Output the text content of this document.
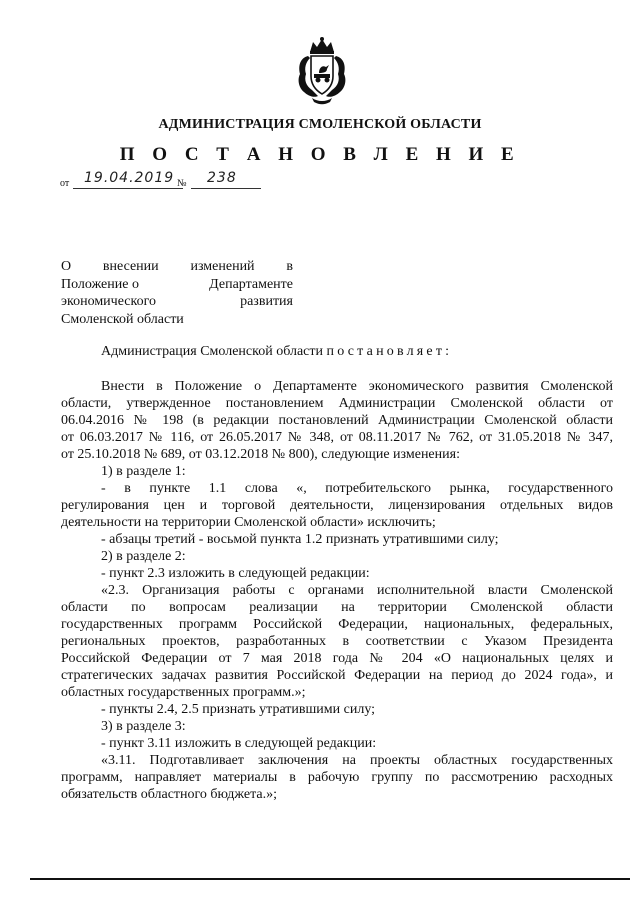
АДМИНИСТРАЦИЯ СМОЛЕНСКОЙ ОБЛАСТИ
П О С Т А Н О В Л Е Н И Е
от 19.04.2019 № 238
О внесении изменений в
Положение о	Департаменте
экономического	развития
Смоленской области
Администрация Смоленской области постановляет:
Внести в Положение о Департаменте экономического развития Смоленской
области, утвержденное постановлением Администрации Смоленской области от
06.04.2016 № 198 (в редакции постановлений Администрации Смоленской области
от 06.03.2017 № 116, от 26.05.2017 № 348, от 08.11.2017 № 762, от 31.05.2018 № 347,
от 25.10.2018 № 689, от 03.12.2018 № 800), следующие изменения:
1) в разделе 1:
- в пункте 1.1 слова «, потребительского рынка, государственного
регулирования цен и торговой деятельности, лицензирования отдельных видов
деятельности на территории Смоленской области» исключить;
- абзацы третий - восьмой пункта 1.2 признать утратившими силу;
2) в разделе 2:
- пункт 2.3 изложить в следующей редакции:
«2.3. Организация работы с органами исполнительной власти Смоленской
области по вопросам реализации на территории Смоленской области
государственных программ Российской Федерации, национальных, федеральных,
региональных проектов, разработанных в соответствии с Указом Президента
Российской Федерации от 7 мая 2018 года № 204 «О национальных целях и
стратегических задачах развития Российской Федерации на период до 2024 года», и
областных государственных программ.»;
- пункты 2.4, 2.5 признать утратившими силу;
3) в разделе 3:
- пункт 3.11 изложить в следующей редакции:
«3.11. Подготавливает заключения на проекты областных государственных
программ, направляет материалы в рабочую группу по рассмотрению расходных
обязательств областного бюджета.»;
